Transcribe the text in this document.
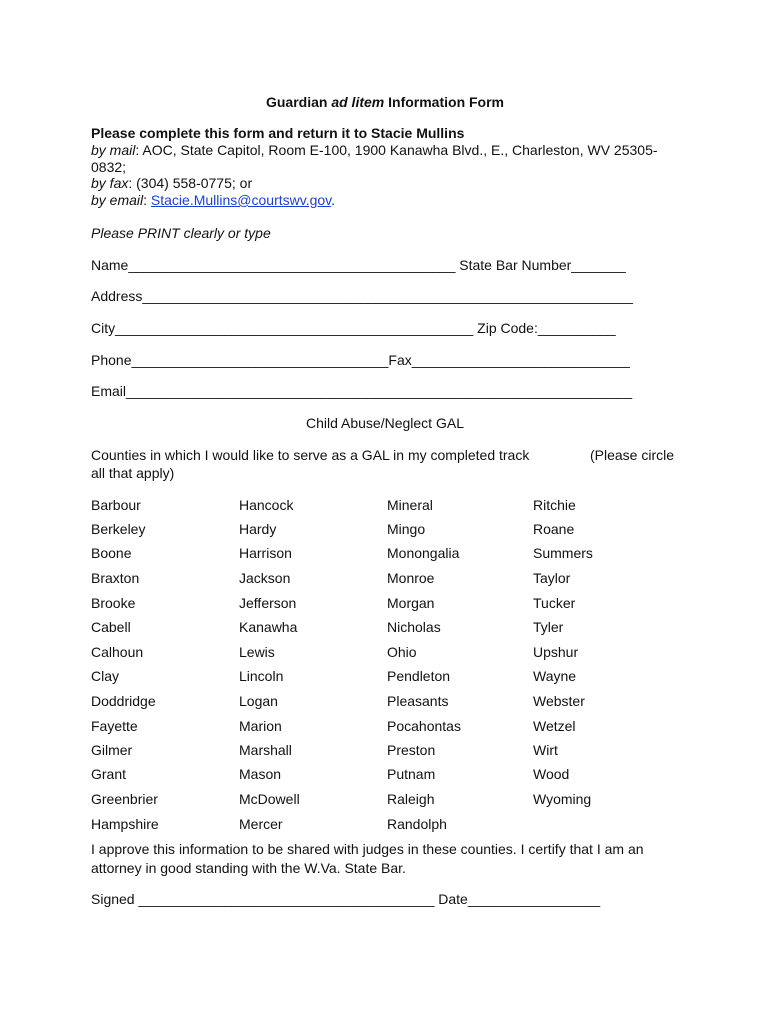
Guardian ad litem Information Form
Please complete this form and return it to Stacie Mullins
by mail: AOC, State Capitol, Room E-100, 1900 Kanawha Blvd., E., Charleston, WV 25305-
0832;
by fax: (304) 558-0775; or
by email: Stacie.Mullins@courtswv.gov.
Please PRINT clearly or type
Name__________________________________________ State Bar Number_______
Address_______________________________________________________________
City______________________________________________ Zip Code:__________
Phone_________________________________Fax____________________________
Email_________________________________________________________________
Child Abuse/Neglect GAL
Counties in which I would like to serve as a GAL in my completed track	(Please circle
all that apply)
Barbour
Berkeley
Boone
Braxton
Brooke
Cabell
Calhoun
Clay
Doddridge
Fayette
Gilmer
Grant
Greenbrier
Hampshire
Hancock
Hardy
Harrison
Jackson
Jefferson
Kanawha
Lewis
Lincoln
Logan
Marion
Marshall
Mason
McDowell
Mercer
Mineral
Mingo
Monongalia
Monroe
Morgan
Nicholas
Ohio
Pendleton
Pleasants
Pocahontas
Preston
Putnam
Raleigh
Randolph
Ritchie
Roane
Summers
Taylor
Tucker
Tyler
Upshur
Wayne
Webster
Wetzel
Wirt
Wood
Wyoming
I approve this information to be shared with judges in these counties. I certify that I am an
attorney in good standing with the W.Va. State Bar.
Signed ______________________________________ Date_________________
